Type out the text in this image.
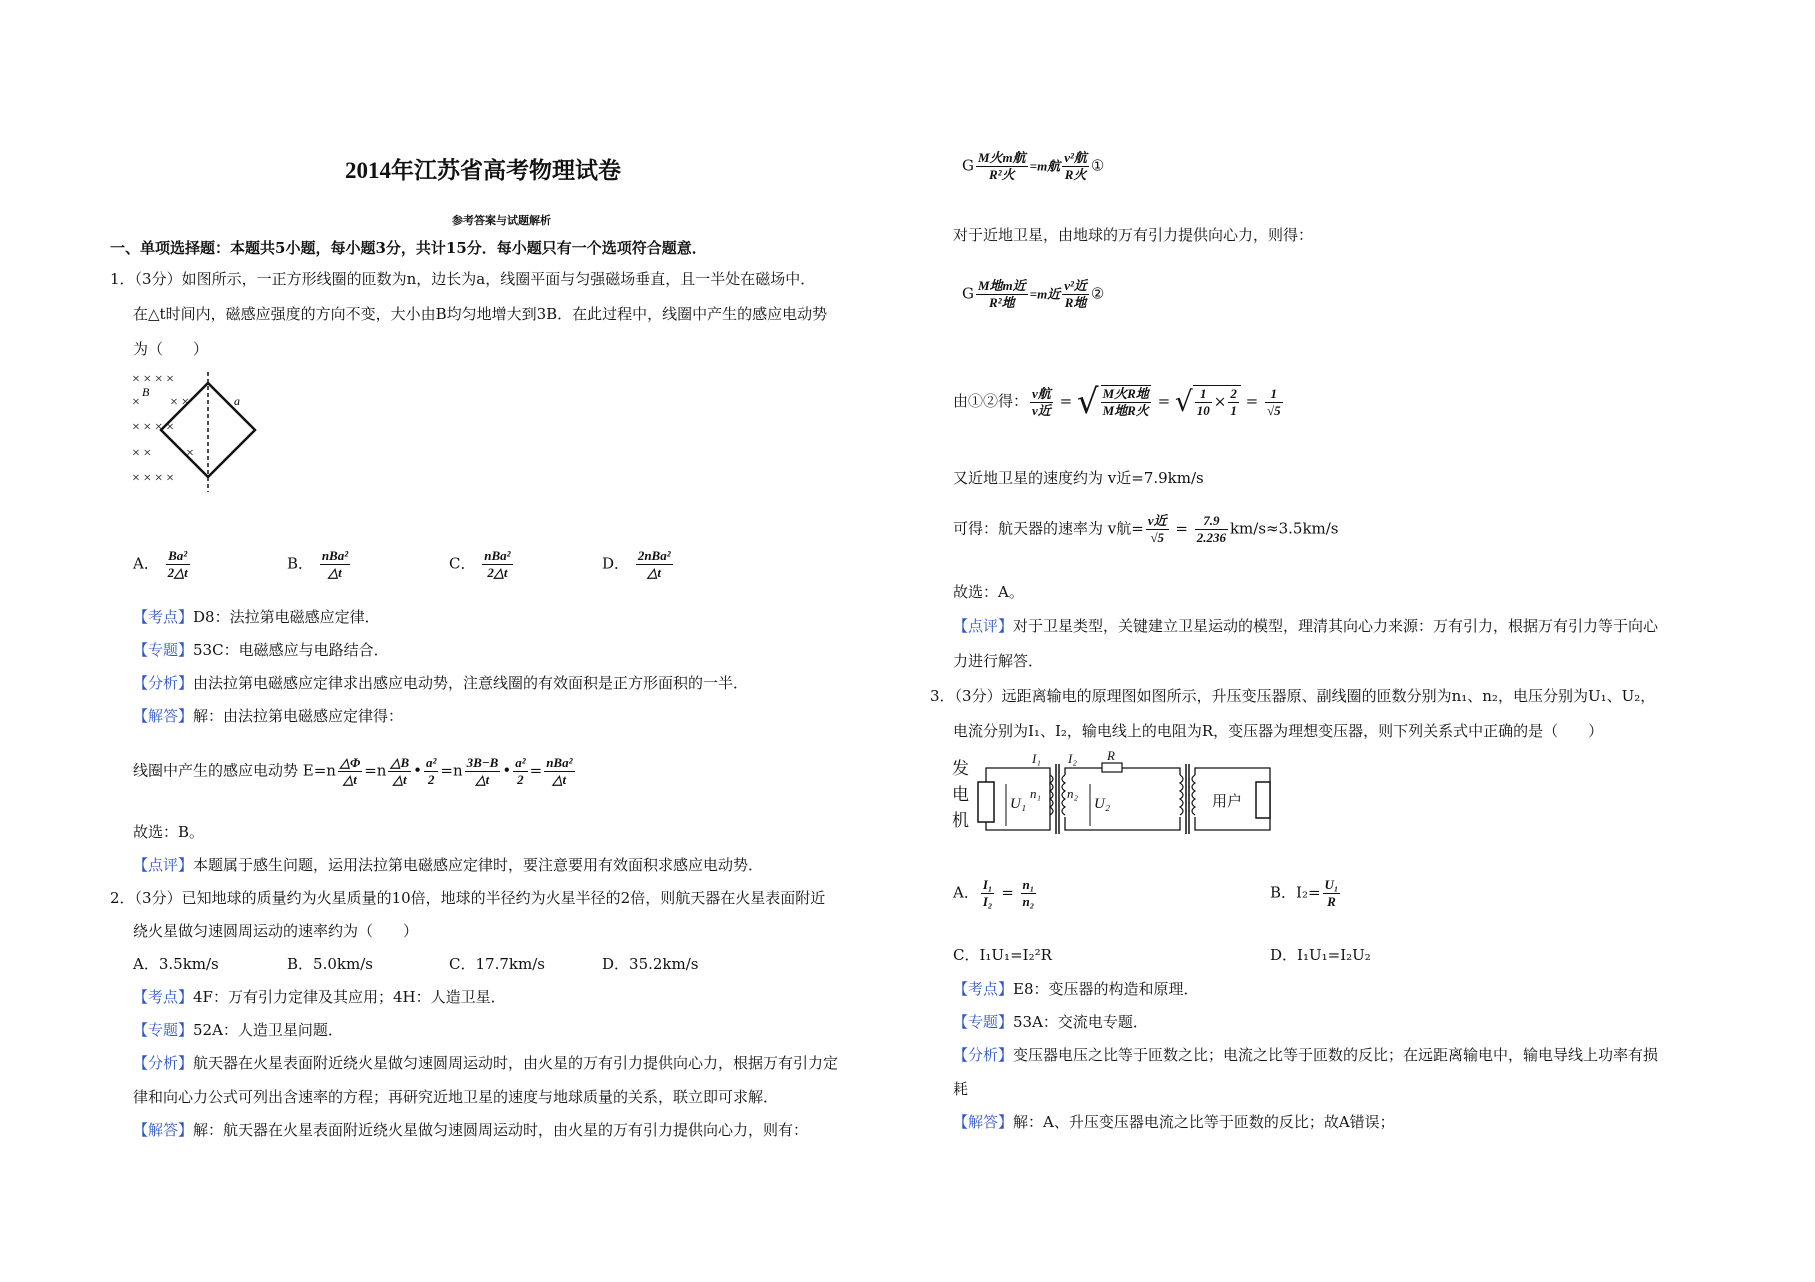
2014年江苏省高考物理试卷
参考答案与试题解析
一、单项选择题：本题共5小题，每小题3分，共计15分．每小题只有一个选项符合题意．
1．（3分）如图所示，一正方形线圈的匝数为n，边长为a，线圈平面与匀强磁场垂直，且一半处在磁场中．
在△t时间内，磁感应强度的方向不变，大小由B均匀地增大到3B．在此过程中，线圈中产生的感应电动势
为（　　）
× × × ×
× × ×
× × × ×
× × ×
× × × ×
B
a
A． $\frac{\text{Ba²}}{2\triangle t}$	B． $\frac{\text{nBa²}}{\triangle t}$	C． $\frac{\text{nBa²}}{2\triangle t}$	D． $\frac{\text{2nBa²}}{\triangle t}$
【考点】D8：法拉第电磁感应定律．
【专题】53C：电磁感应与电路结合．
【分析】由法拉第电磁感应定律求出感应电动势，注意线圈的有效面积是正方形面积的一半．
【解答】解：由法拉第电磁感应定律得：
线圈中产生的感应电动势 $E=n \frac{\triangle\Phi}{\triangle t} =n \frac{\triangle B}{\triangle t}$ • $\frac{\text{a²}}{2} =n \frac{3B-B}{\triangle t}$ • $\frac{\text{a²}}{2} = \frac{\text{nBa²}}{\triangle t}$
故选：B。
【点评】本题属于感生问题，运用法拉第电磁感应定律时，要注意要用有效面积求感应电动势．
2．（3分）已知地球的质量约为火星质量的10倍，地球的半径约为火星半径的2倍，则航天器在火星表面附近
绕火星做匀速圆周运动的速率约为（　　）
A．3.5km/s	B．5.0km/s	C．17.7km/s	D．35.2km/s
【考点】4F：万有引力定律及其应用；4H：人造卫星．
【专题】52A：人造卫星问题．
【分析】航天器在火星表面附近绕火星做匀速圆周运动时，由火星的万有引力提供向心力，根据万有引力定
律和向心力公式可列出含速率的方程；再研究近地卫星的速度与地球质量的关系，联立即可求解．
【解答】解：航天器在火星表面附近绕火星做匀速圆周运动时，由火星的万有引力提供向心力，则有：
G $\frac{\text{M火m航}}{\text{R²火}} =m$航 $\frac{\text{v²航}}{\text{R火}}$ ①
对于近地卫星，由地球的万有引力提供向心力，则得：
G $\frac{\text{M地m近}}{\text{R²地}} =m$近 $\frac{\text{v²近}}{\text{R地}}$ ②
由①②得： $\frac{\text{v航}}{\text{v近}}$ = √ $\frac{\text{M火R地}}{\text{M地R火}}$ = √ $\frac{1}{10} \times \frac{2}{1} = \frac{1}{√5}$
又近地卫星的速度约为 v近=7.9km/s
可得：航天器的速率为 v航= $\frac{\text{v近}}{√5} = \frac{7.9}{2.236} km/s\approx 3.5km/s$
故选：A。
【点评】对于卫星类型，关键建立卫星运动的模型，理清其向心力来源：万有引力，根据万有引力等于向心
力进行解答．
3．（3分）远距离输电的原理图如图所示，升压变压器原、副线圈的匝数分别为n₁、n₂，电压分别为U₁、U₂，
电流分别为I₁、I₂，输电线上的电阻为R，变压器为理想变压器，则下列关系式中正确的是（　　）
发
电
机
U₁
n₁ n₂
U₂
I₁ I₂ R
用户
A． $\frac{\text{I₁}}{\text{I₂}} = \frac{\text{n₁}}{\text{n₂}}$	B．$I_2= \frac{\text{U₁}}{R}$
C．I₁U₁=I₂²R	D．I₁U₁=I₂U₂
【考点】E8：变压器的构造和原理．
【专题】53A：交流电专题．
【分析】变压器电压之比等于匝数之比；电流之比等于匝数的反比；在远距离输电中，输电导线上功率有损
耗
【解答】解：A、升压变压器电流之比等于匝数的反比；故A错误；
